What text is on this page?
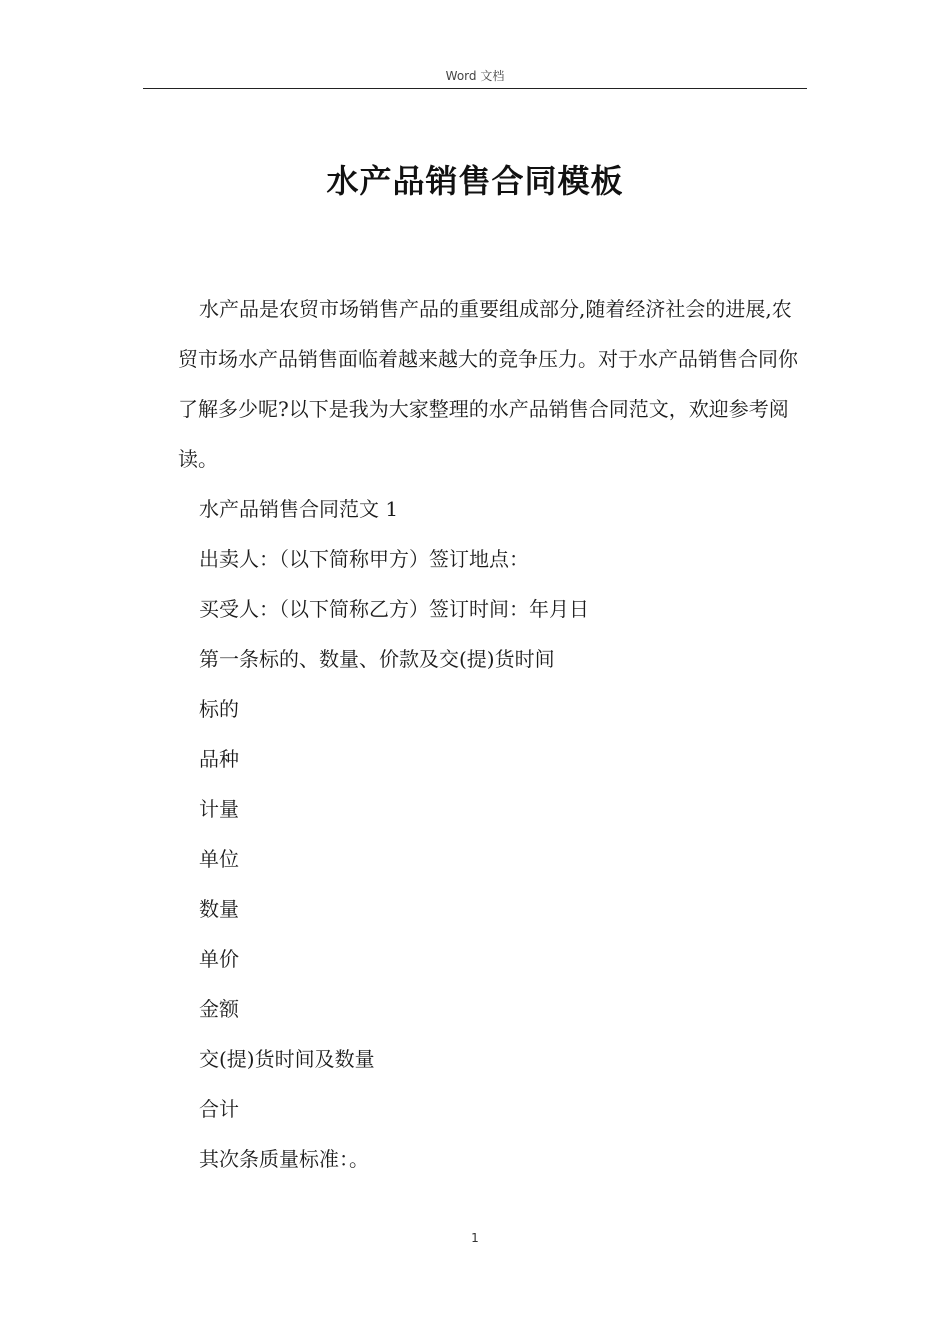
Word 文档
水产品销售合同模板

水产品是农贸市场销售产品的重要组成部分,随着经济社会的进展,农贸市场水产品销售面临着越来越大的竞争压力。对于水产品销售合同你了解多少呢?以下是我为大家整理的水产品销售合同范文，欢迎参考阅读。

水产品销售合同范文 1

出卖人：（以下简称甲方）签订地点：

买受人：（以下简称乙方）签订时间：年月日

第一条标的、数量、价款及交(提)货时间

标的

品种

计量

单位

数量

单价

金额

交(提)货时间及数量

合计

其次条质量标准：。

1
